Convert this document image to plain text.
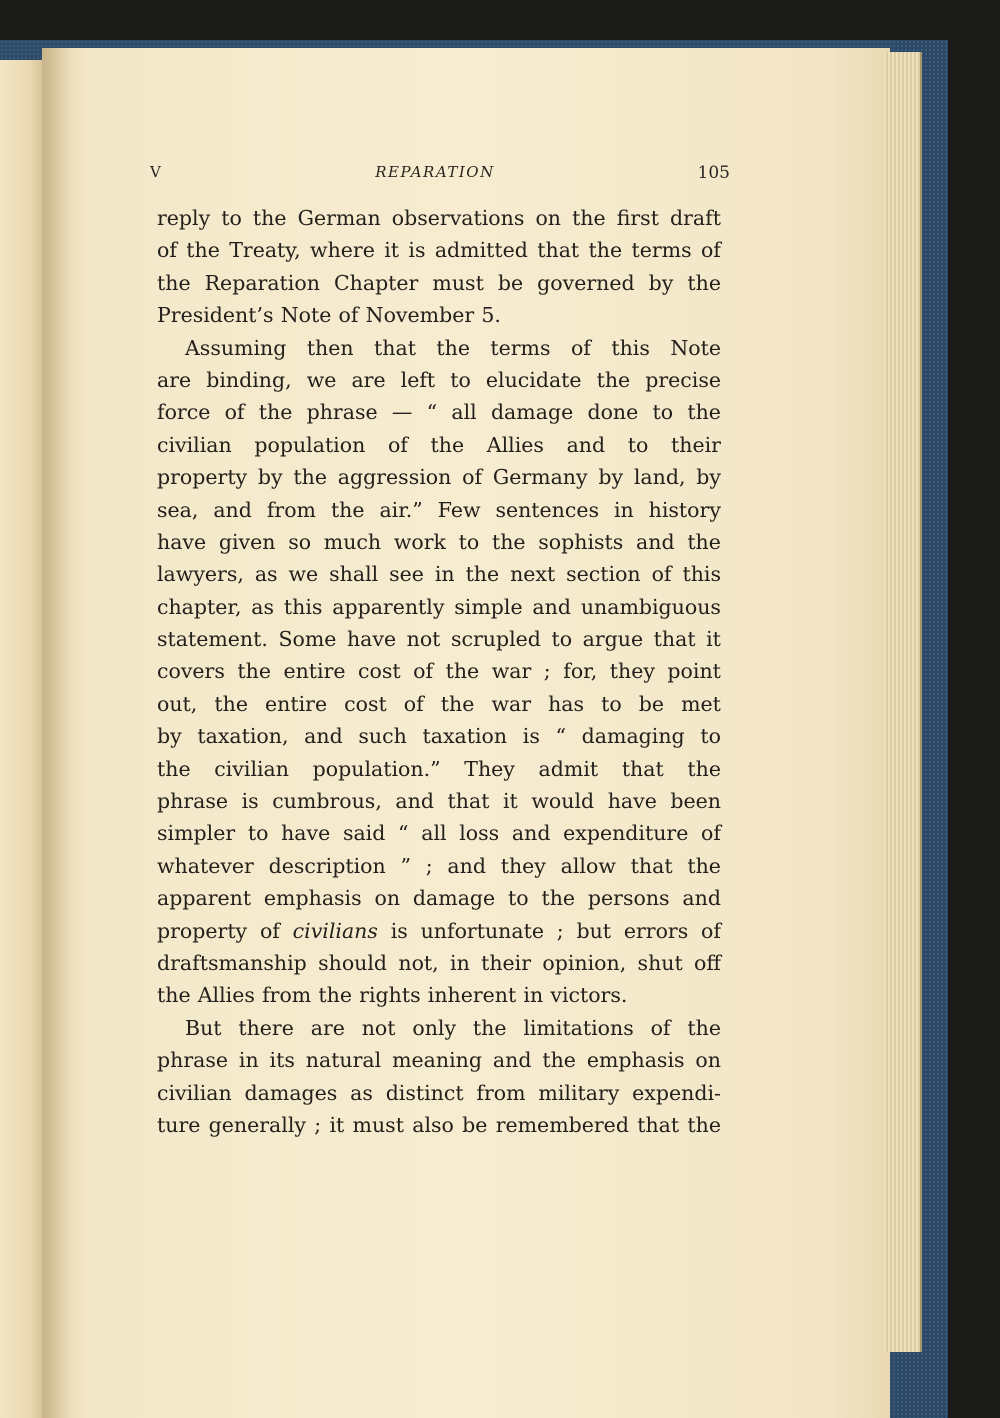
V	REPARATION	105
reply to the German observations on the first draft
of the Treaty, where it is admitted that the terms of
the Reparation Chapter must be governed by the
President’s Note of November 5.
Assuming then that the terms of this Note
are binding, we are left to elucidate the precise
force of the phrase — “ all damage done to the
civilian population of the Allies and to their
property by the aggression of Germany by land, by
sea, and from the air.” Few sentences in history
have given so much work to the sophists and the
lawyers, as we shall see in the next section of this
chapter, as this apparently simple and unambiguous
statement. Some have not scrupled to argue that it
covers the entire cost of the war ; for, they point
out, the entire cost of the war has to be met
by taxation, and such taxation is “ damaging to
the civilian population.” They admit that the
phrase is cumbrous, and that it would have been
simpler to have said “ all loss and expenditure of
whatever description ” ; and they allow that the
apparent emphasis on damage to the persons and
property of civilians is unfortunate ; but errors of
draftsmanship should not, in their opinion, shut off
the Allies from the rights inherent in victors.
But there are not only the limitations of the
phrase in its natural meaning and the emphasis on
civilian damages as distinct from military expendi-
ture generally ; it must also be remembered that the
